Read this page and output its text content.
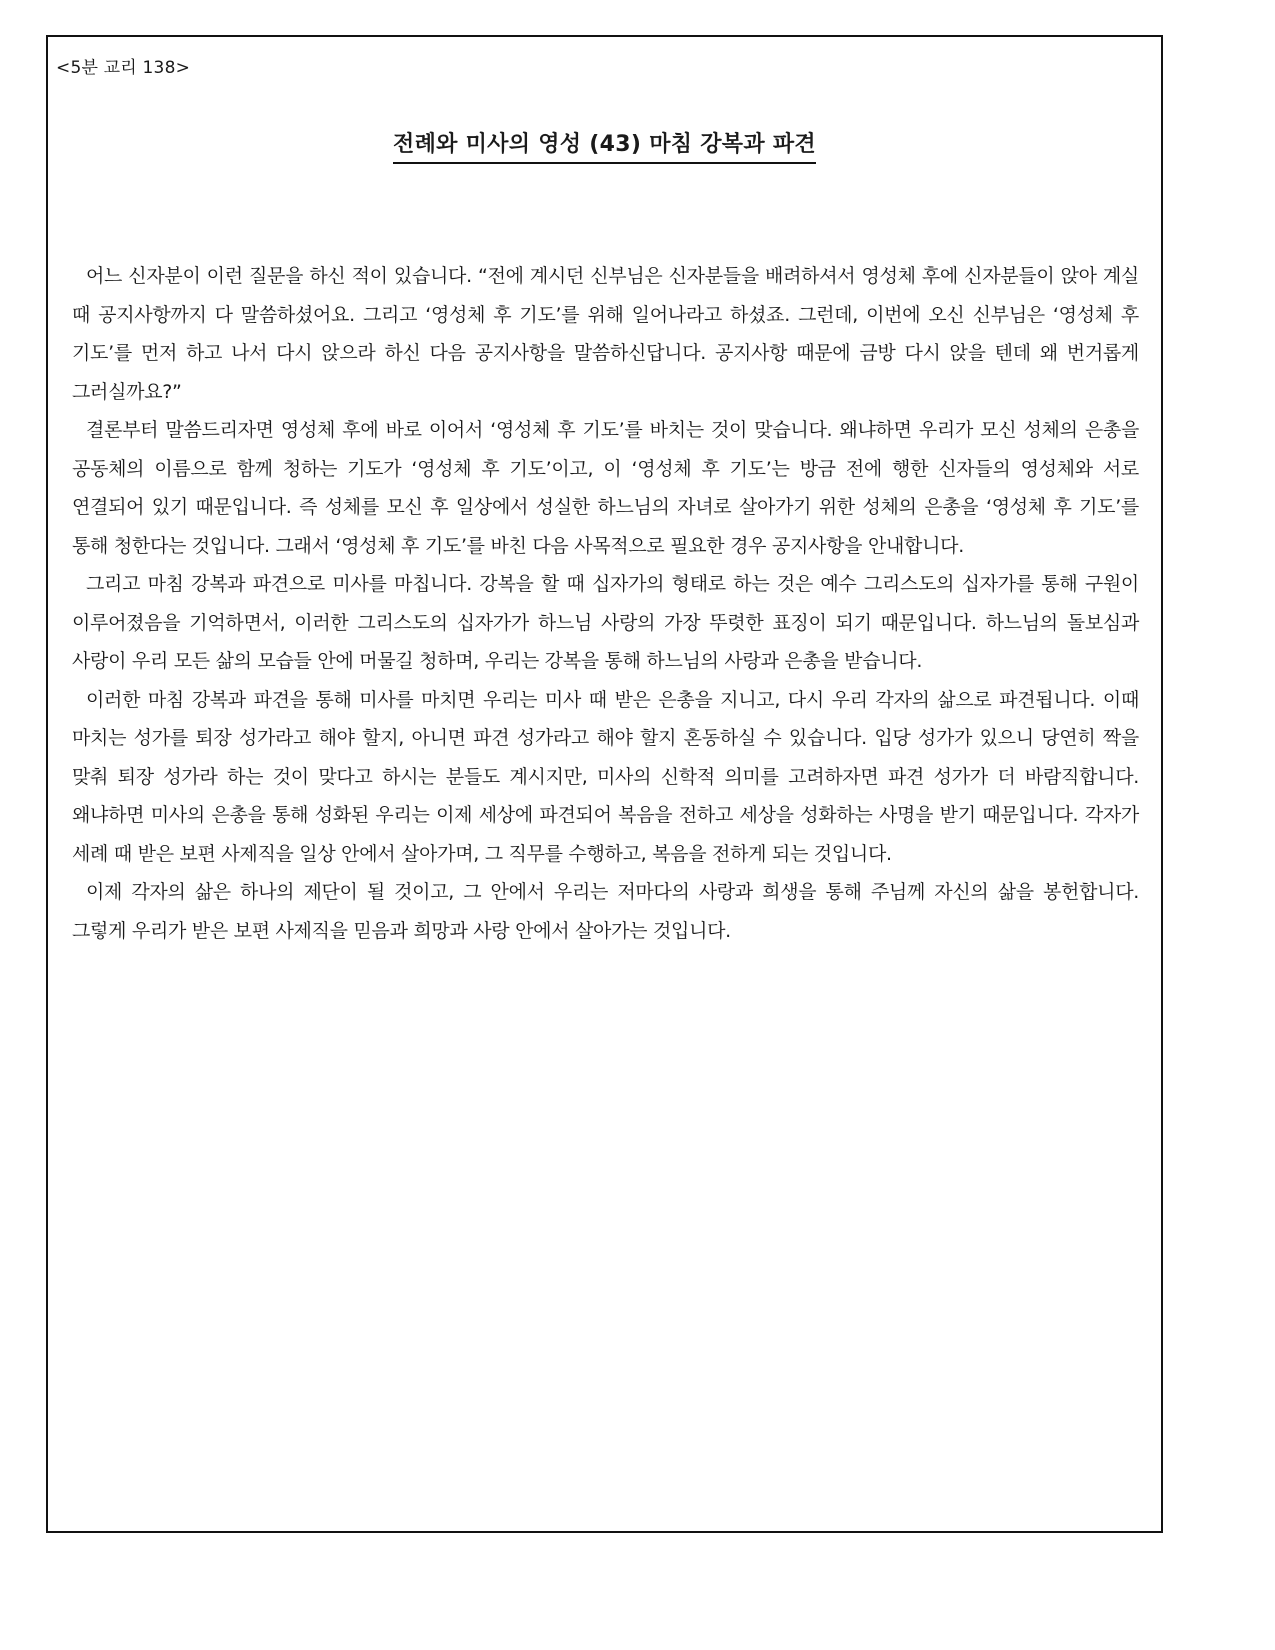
<5분 교리 138>
전례와 미사의 영성 (43) 마침 강복과 파견

어느 신자분이 이런 질문을 하신 적이 있습니다. “전에 계시던 신부님은 신자분들을 배려하셔서 영성체 후에 신자분들이 앉아 계실 때 공지사항까지 다 말씀하셨어요. 그리고 ‘영성체 후 기도’를 위해 일어나라고 하셨죠. 그런데, 이번에 오신 신부님은 ‘영성체 후 기도’를 먼저 하고 나서 다시 앉으라 하신 다음 공지사항을 말씀하신답니다. 공지사항 때문에 금방 다시 앉을 텐데 왜 번거롭게 그러실까요?”

결론부터 말씀드리자면 영성체 후에 바로 이어서 ‘영성체 후 기도’를 바치는 것이 맞습니다. 왜냐하면 우리가 모신 성체의 은총을 공동체의 이름으로 함께 청하는 기도가 ‘영성체 후 기도’이고, 이 ‘영성체 후 기도’는 방금 전에 행한 신자들의 영성체와 서로 연결되어 있기 때문입니다. 즉 성체를 모신 후 일상에서 성실한 하느님의 자녀로 살아가기 위한 성체의 은총을 ‘영성체 후 기도’를 통해 청한다는 것입니다. 그래서 ‘영성체 후 기도’를 바친 다음 사목적으로 필요한 경우 공지사항을 안내합니다.

그리고 마침 강복과 파견으로 미사를 마칩니다. 강복을 할 때 십자가의 형태로 하는 것은 예수 그리스도의 십자가를 통해 구원이 이루어졌음을 기억하면서, 이러한 그리스도의 십자가가 하느님 사랑의 가장 뚜렷한 표징이 되기 때문입니다. 하느님의 돌보심과 사랑이 우리 모든 삶의 모습들 안에 머물길 청하며, 우리는 강복을 통해 하느님의 사랑과 은총을 받습니다.

이러한 마침 강복과 파견을 통해 미사를 마치면 우리는 미사 때 받은 은총을 지니고, 다시 우리 각자의 삶으로 파견됩니다. 이때 마치는 성가를 퇴장 성가라고 해야 할지, 아니면 파견 성가라고 해야 할지 혼동하실 수 있습니다. 입당 성가가 있으니 당연히 짝을 맞춰 퇴장 성가라 하는 것이 맞다고 하시는 분들도 계시지만, 미사의 신학적 의미를 고려하자면 파견 성가가 더 바람직합니다. 왜냐하면 미사의 은총을 통해 성화된 우리는 이제 세상에 파견되어 복음을 전하고 세상을 성화하는 사명을 받기 때문입니다. 각자가 세례 때 받은 보편 사제직을 일상 안에서 살아가며, 그 직무를 수행하고, 복음을 전하게 되는 것입니다.

이제 각자의 삶은 하나의 제단이 될 것이고, 그 안에서 우리는 저마다의 사랑과 희생을 통해 주님께 자신의 삶을 봉헌합니다. 그렇게 우리가 받은 보편 사제직을 믿음과 희망과 사랑 안에서 살아가는 것입니다.
